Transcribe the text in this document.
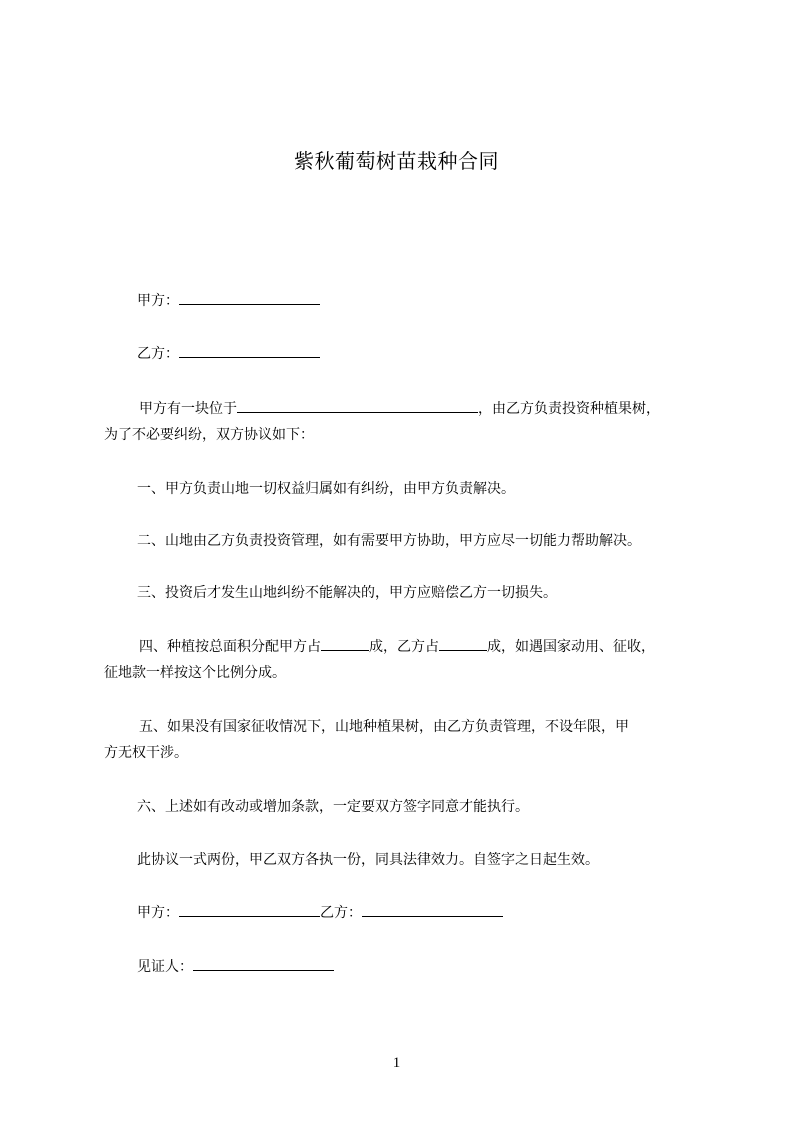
紫秋葡萄树苗栽种合同
甲方：
乙方：
甲方有一块位于	，由乙方负责投资种植果树，
为了不必要纠纷，双方协议如下：
一、甲方负责山地一切权益归属如有纠纷，由甲方负责解决。
二、山地由乙方负责投资管理，如有需要甲方协助，甲方应尽一切能力帮助解决。
三、投资后才发生山地纠纷不能解决的，甲方应赔偿乙方一切损失。
四、种植按总面积分配甲方占	成，乙方占	成，如遇国家动用、征收，
征地款一样按这个比例分成。
五、如果没有国家征收情况下，山地种植果树，由乙方负责管理，不设年限，甲
方无权干涉。
六、上述如有改动或增加条款，一定要双方签字同意才能执行。
此协议一式两份，甲乙双方各执一份，同具法律效力。自签字之日起生效。
甲方：	乙方：
见证人：
1
